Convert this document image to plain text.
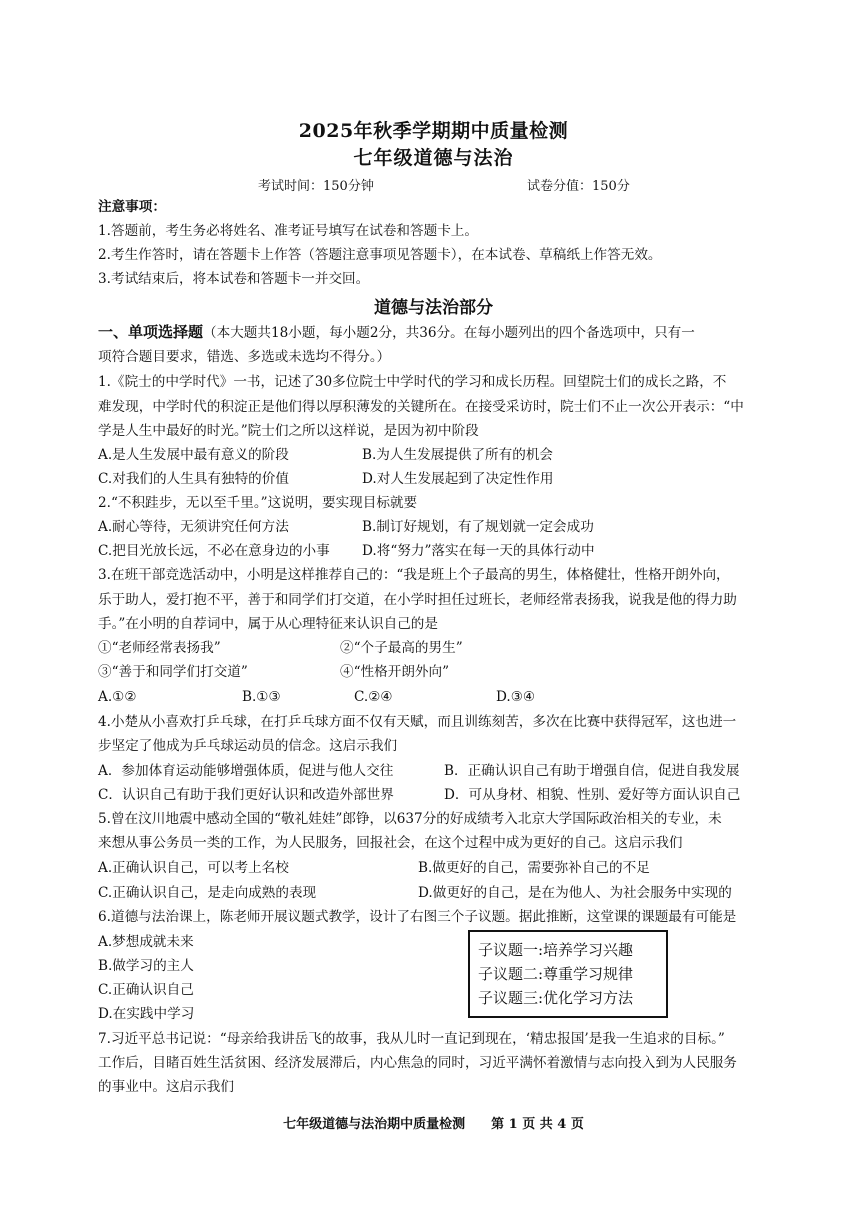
2025年秋季学期期中质量检测
七年级道德与法治
考试时间：150分钟	试卷分值：150分
注意事项：
1.答题前，考生务必将姓名、准考证号填写在试卷和答题卡上。
2.考生作答时，请在答题卡上作答（答题注意事项见答题卡），在本试卷、草稿纸上作答无效。
3.考试结束后，将本试卷和答题卡一并交回。
道德与法治部分
一、单项选择题（本大题共18小题，每小题2分，共36分。在每小题列出的四个备选项中，只有一
项符合题目要求，错选、多选或未选均不得分。）
1.《院士的中学时代》一书，记述了30多位院士中学时代的学习和成长历程。回望院士们的成长之路，不
难发现，中学时代的积淀正是他们得以厚积薄发的关键所在。在接受采访时，院士们不止一次公开表示：“中
学是人生中最好的时光。”院士们之所以这样说，是因为初中阶段
A.是人生发展中最有意义的阶段	B.为人生发展提供了所有的机会
C.对我们的人生具有独特的价值	D.对人生发展起到了决定性作用
2.“不积跬步，无以至千里。”这说明，要实现目标就要
A.耐心等待，无须讲究任何方法	B.制订好规划，有了规划就一定会成功
C.把目光放长远，不必在意身边的小事 D.将“努力”落实在每一天的具体行动中
3.在班干部竞选活动中，小明是这样推荐自己的：“我是班上个子最高的男生，体格健壮，性格开朗外向，
乐于助人，爱打抱不平，善于和同学们打交道，在小学时担任过班长，老师经常表扬我，说我是他的得力助
手。”在小明的自荐词中，属于从心理特征来认识自己的是
①“老师经常表扬我”	②“个子最高的男生”
③“善于和同学们打交道”	④“性格开朗外向”
A.①②	B.①③	C.②④	D.③④
4.小楚从小喜欢打乒乓球，在打乒乓球方面不仅有天赋，而且训练刻苦，多次在比赛中获得冠军，这也进一
步坚定了他成为乒乓球运动员的信念。这启示我们
A．参加体育运动能够增强体质，促进与他人交往	B．正确认识自己有助于增强自信，促进自我发展
C．认识自己有助于我们更好认识和改造外部世界	D．可从身材、相貌、性别、爱好等方面认识自己
5.曾在汶川地震中感动全国的“敬礼娃娃”郎铮，以637分的好成绩考入北京大学国际政治相关的专业，未
来想从事公务员一类的工作，为人民服务，回报社会，在这个过程中成为更好的自己。这启示我们
A.正确认识自己，可以考上名校	B.做更好的自己，需要弥补自己的不足
C.正确认识自己，是走向成熟的表现	D.做更好的自己，是在为他人、为社会服务中实现的
6.道德与法治课上，陈老师开展议题式教学，设计了右图三个子议题。据此推断，这堂课的课题最有可能是
A.梦想成就未来
B.做学习的主人
C.正确认识自己
D.在实践中学习
子议题一:培养学习兴趣
子议题二:尊重学习规律
子议题三:优化学习方法
7.习近平总书记说：“母亲给我讲岳飞的故事，我从儿时一直记到现在，‘精忠报国’是我一生追求的目标。”
工作后，目睹百姓生活贫困、经济发展滞后，内心焦急的同时，习近平满怀着激情与志向投入到为人民服务
的事业中。这启示我们
七年级道德与法治期中质量检测　　第 1 页 共 4 页
